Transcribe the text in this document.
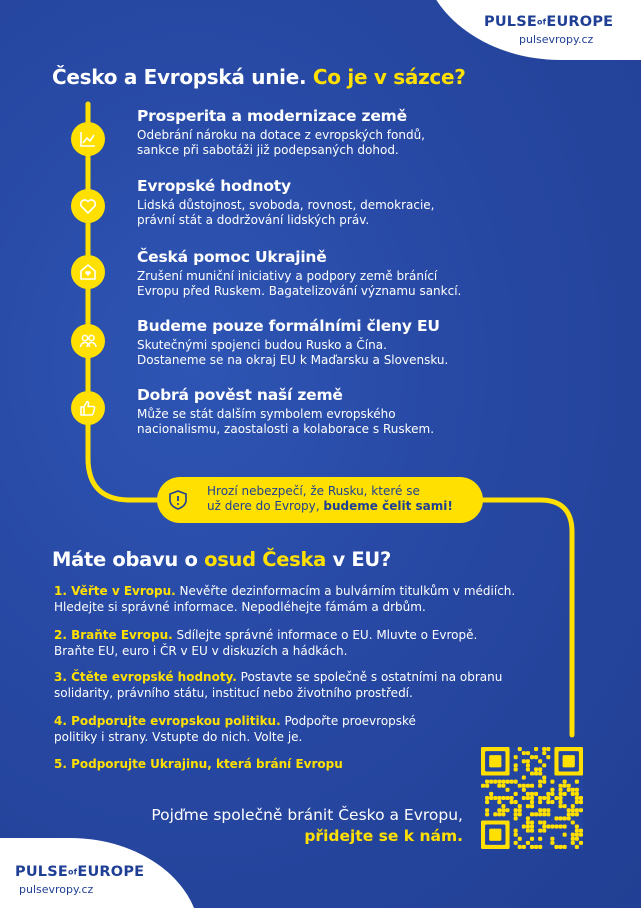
PULSEofEUROPE
pulsevropy.cz
Česko a Evropská unie. Co je v sázce?

Prosperita a modernizace země

Odebrání nároku na dotace z evropských fondů,
sankce při sabotáži již podepsaných dohod.

Evropské hodnoty

Lidská důstojnost, svoboda, rovnost, demokracie,
právní stát a dodržování lidských práv.

Česká pomoc Ukrajině

Zrušení muniční iniciativy a podpory země bránící
Evropu před Ruskem. Bagatelizování významu sankcí.

Budeme pouze formálními členy EU

Skutečnými spojenci budou Rusko a Čína.
Dostaneme se na okraj EU k Maďarsku a Slovensku.

Dobrá pověst naší země

Může se stát dalším symbolem evropského
nacionalismu, zaostalosti a kolaborace s Ruskem.

Hrozí nebezpečí, že Rusku, které se
už dere do Evropy, budeme čelit sami!
Máte obavu o osud Česka v EU?
1. Věřte v Evropu. Nevěřte dezinformacím a bulvárním titulkům v médiích.
Hledejte si správné informace. Nepodléhejte fámám a drbům.
2. Braňte Evropu. Sdílejte správné informace o EU. Mluvte o Evropě.
Braňte EU, euro i ČR v EU v diskuzích a hádkách.
3. Čtěte evropské hodnoty. Postavte se společně s ostatními na obranu
solidarity, právního státu, institucí nebo životního prostředí.
4. Podporujte evropskou politiku. Podpořte proevropské
politiky i strany. Vstupte do nich. Volte je.
5. Podporujte Ukrajinu, která brání Evropu
Pojďme společně bránit Česko a Evropu,
přidejte se k nám.
PULSEofEUROPE
pulsevropy.cz
